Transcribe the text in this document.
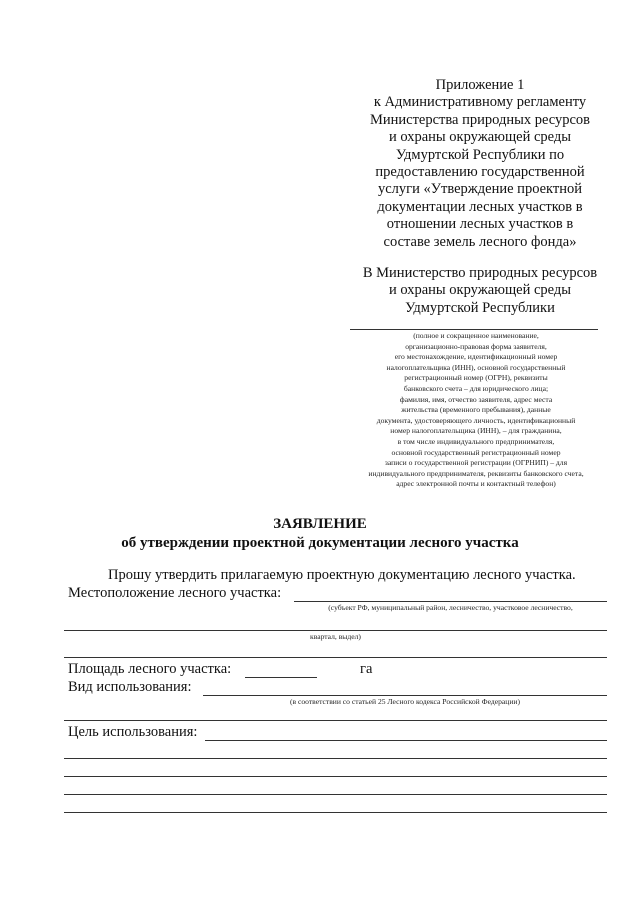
Приложение 1
к Административному регламенту
Министерства природных ресурсов
и охраны окружающей среды
Удмуртской Республики по
предоставлению государственной
услуги «Утверждение проектной
документации лесных участков в
отношении лесных участков в
составе земель лесного фонда»
В Министерство природных ресурсов
и охраны окружающей среды
Удмуртской Республики
(полное и сокращенное наименование,
организационно-правовая форма заявителя,
его местонахождение, идентификационный номер
налогоплательщика (ИНН), основной государственный
регистрационный номер (ОГРН), реквизиты
банковского счета – для юридического лица;
фамилия, имя, отчество заявителя, адрес места
жительства (временного пребывания), данные
документа, удостоверяющего личность, идентификационный
номер налогоплательщика (ИНН), – для гражданина,
в том числе индивидуального предпринимателя,
основной государственный регистрационный номер
записи о государственной регистрации (ОГРНИП) – для
индивидуального предпринимателя, реквизиты банковского счета,
адрес электронной почты и контактный телефон)
ЗАЯВЛЕНИЕ
об утверждении проектной документации лесного участка
Прошу утвердить прилагаемую проектную документацию лесного участка.
Местоположение лесного участка:
(субъект РФ, муниципальный район, лесничество, участковое лесничество,
квартал, выдел)
Площадь лесного участка:	га
Вид использования:
(в соответствии со статьей 25 Лесного кодекса Российской Федерации)
Цель использования:
